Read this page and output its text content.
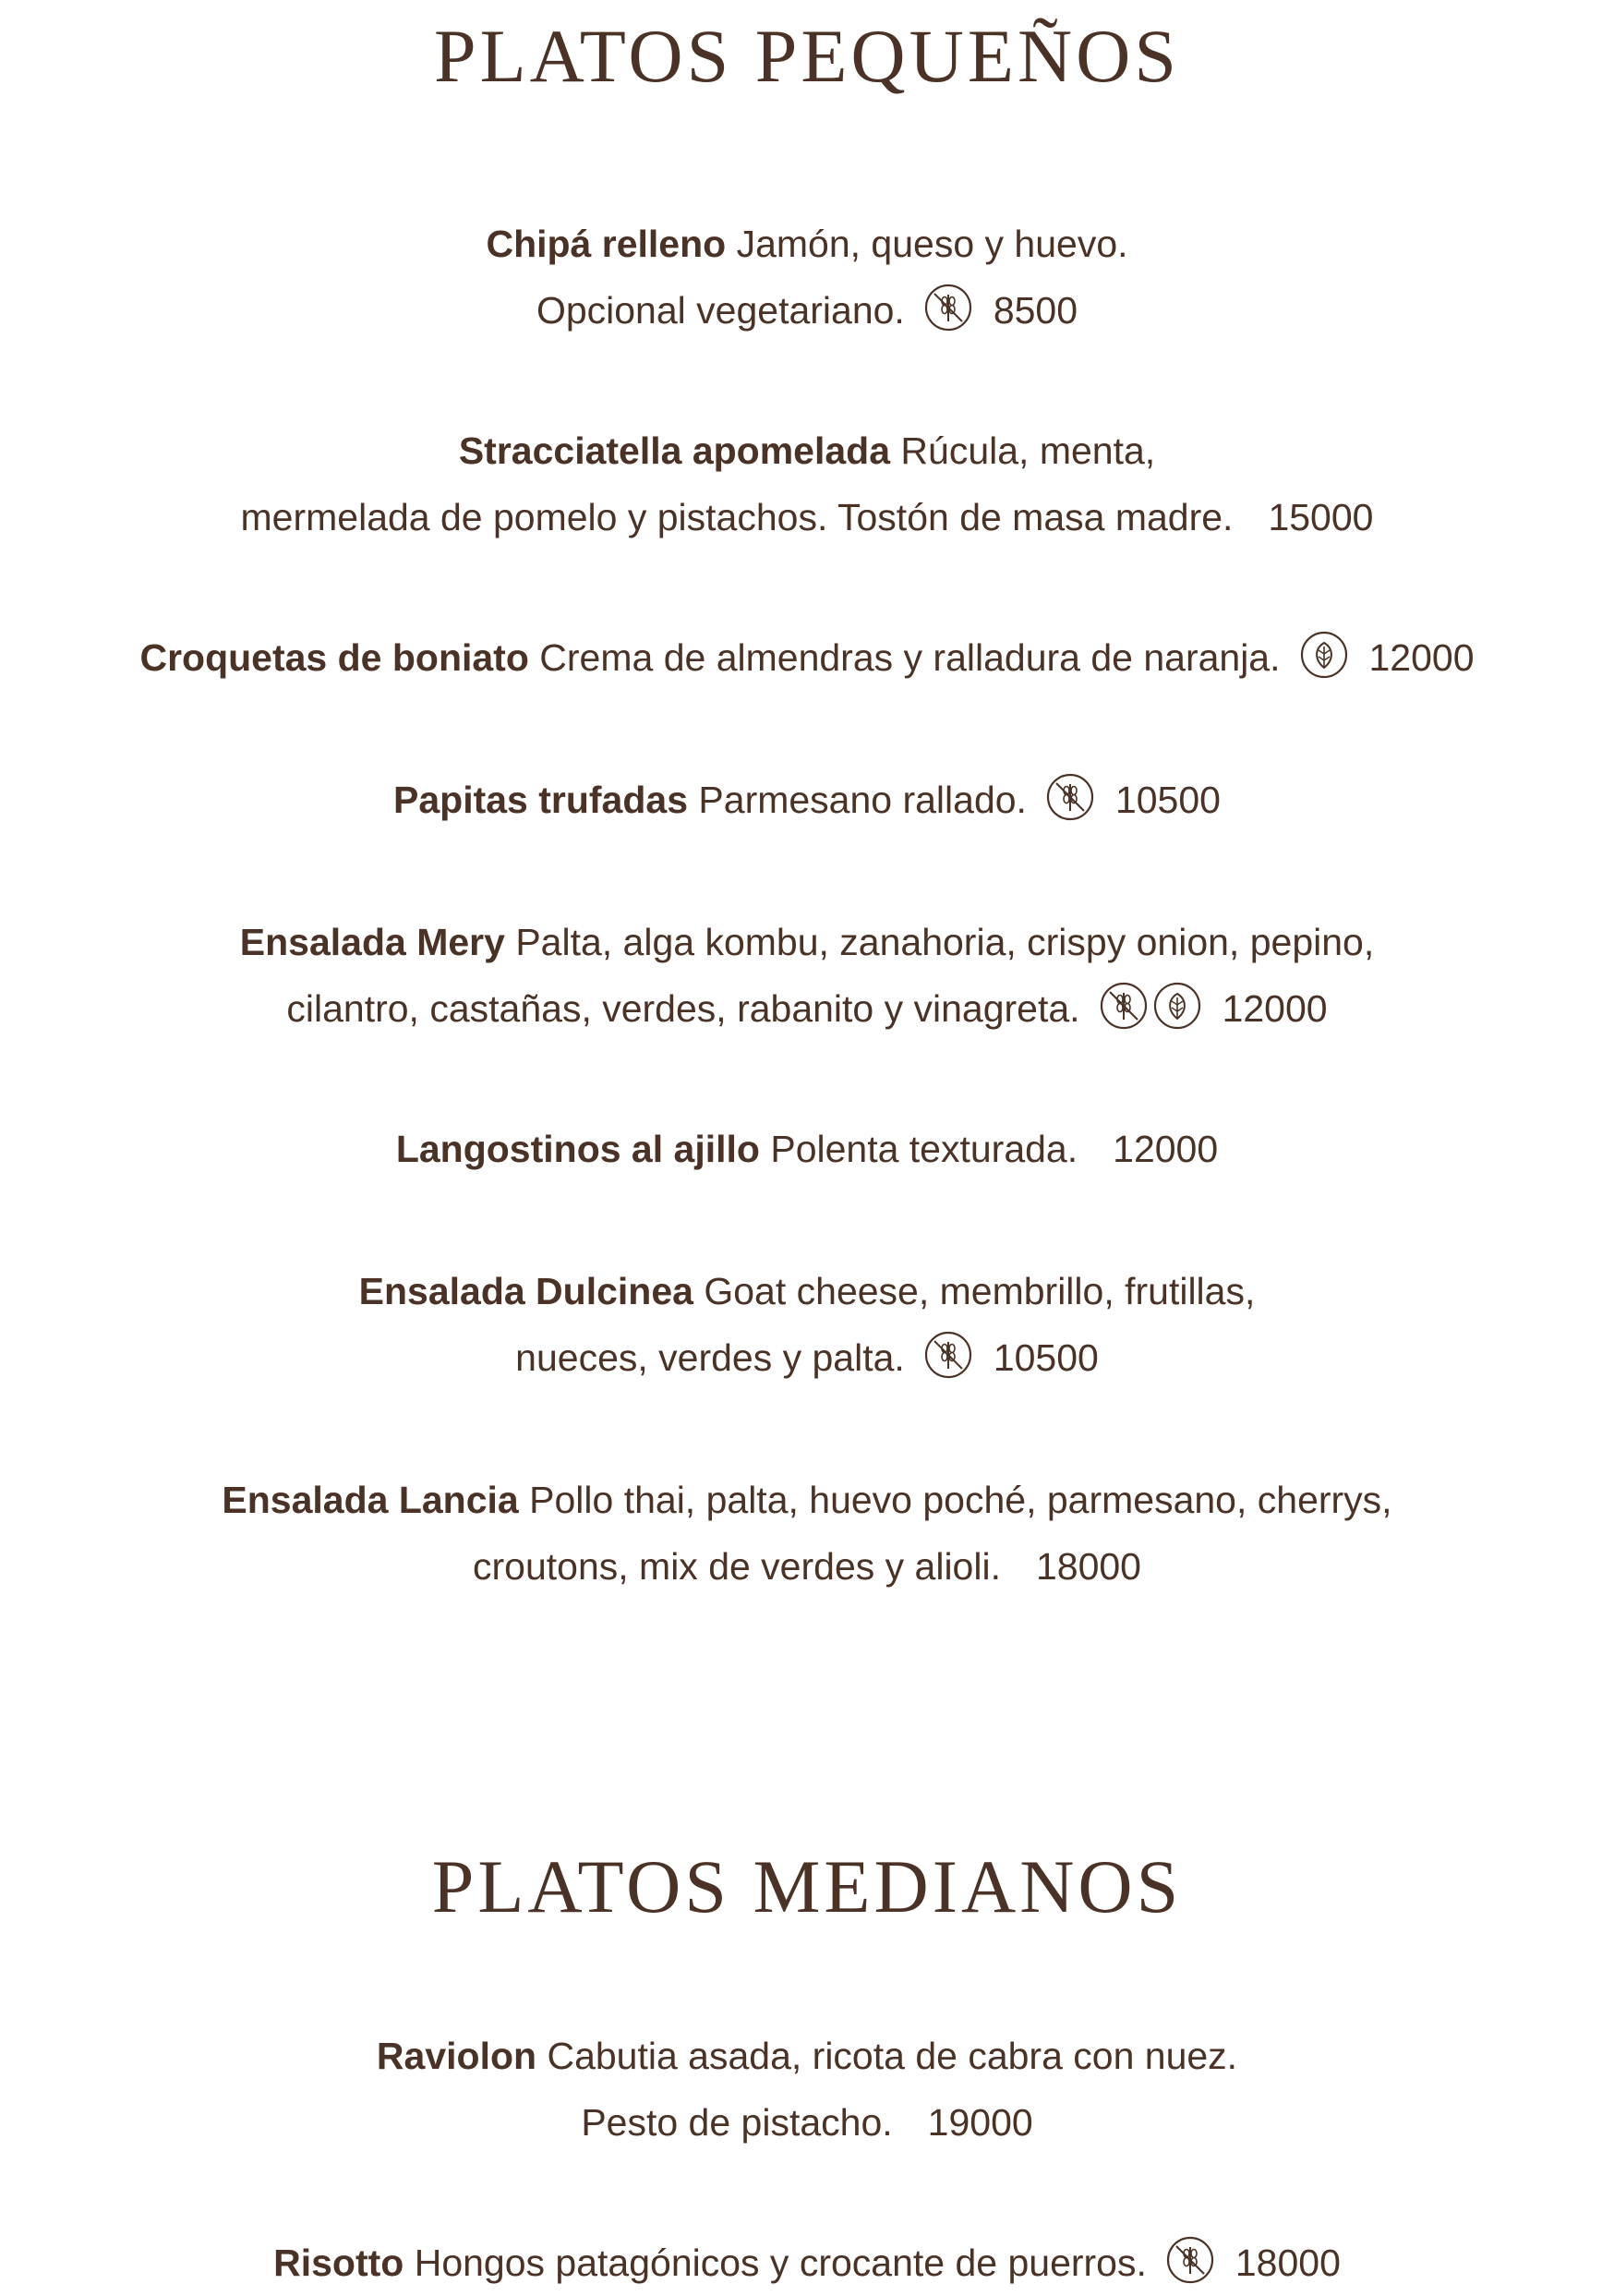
PLATOS PEQUEÑOS
Chipá relleno Jamón, queso y huevo.
Opcional vegetariano. 8500
Stracciatella apomelada Rúcula, menta,
mermelada de pomelo y pistachos. Tostón de masa madre. 15000
Croquetas de boniato Crema de almendras y ralladura de naranja. 12000
Papitas trufadas Parmesano rallado. 10500
Ensalada Mery Palta, alga kombu, zanahoria, crispy onion, pepino,
cilantro, castañas, verdes, rabanito y vinagreta.	12000
Langostinos al ajillo Polenta texturada. 12000
Ensalada Dulcinea Goat cheese, membrillo, frutillas,
nueces, verdes y palta. 10500
Ensalada Lancia Pollo thai, palta, huevo poché, parmesano, cherrys,
croutons, mix de verdes y alioli. 18000
PLATOS MEDIANOS
Raviolon Cabutia asada, ricota de cabra con nuez.
Pesto de pistacho. 19000
Risotto Hongos patagónicos y crocante de puerros. 18000
